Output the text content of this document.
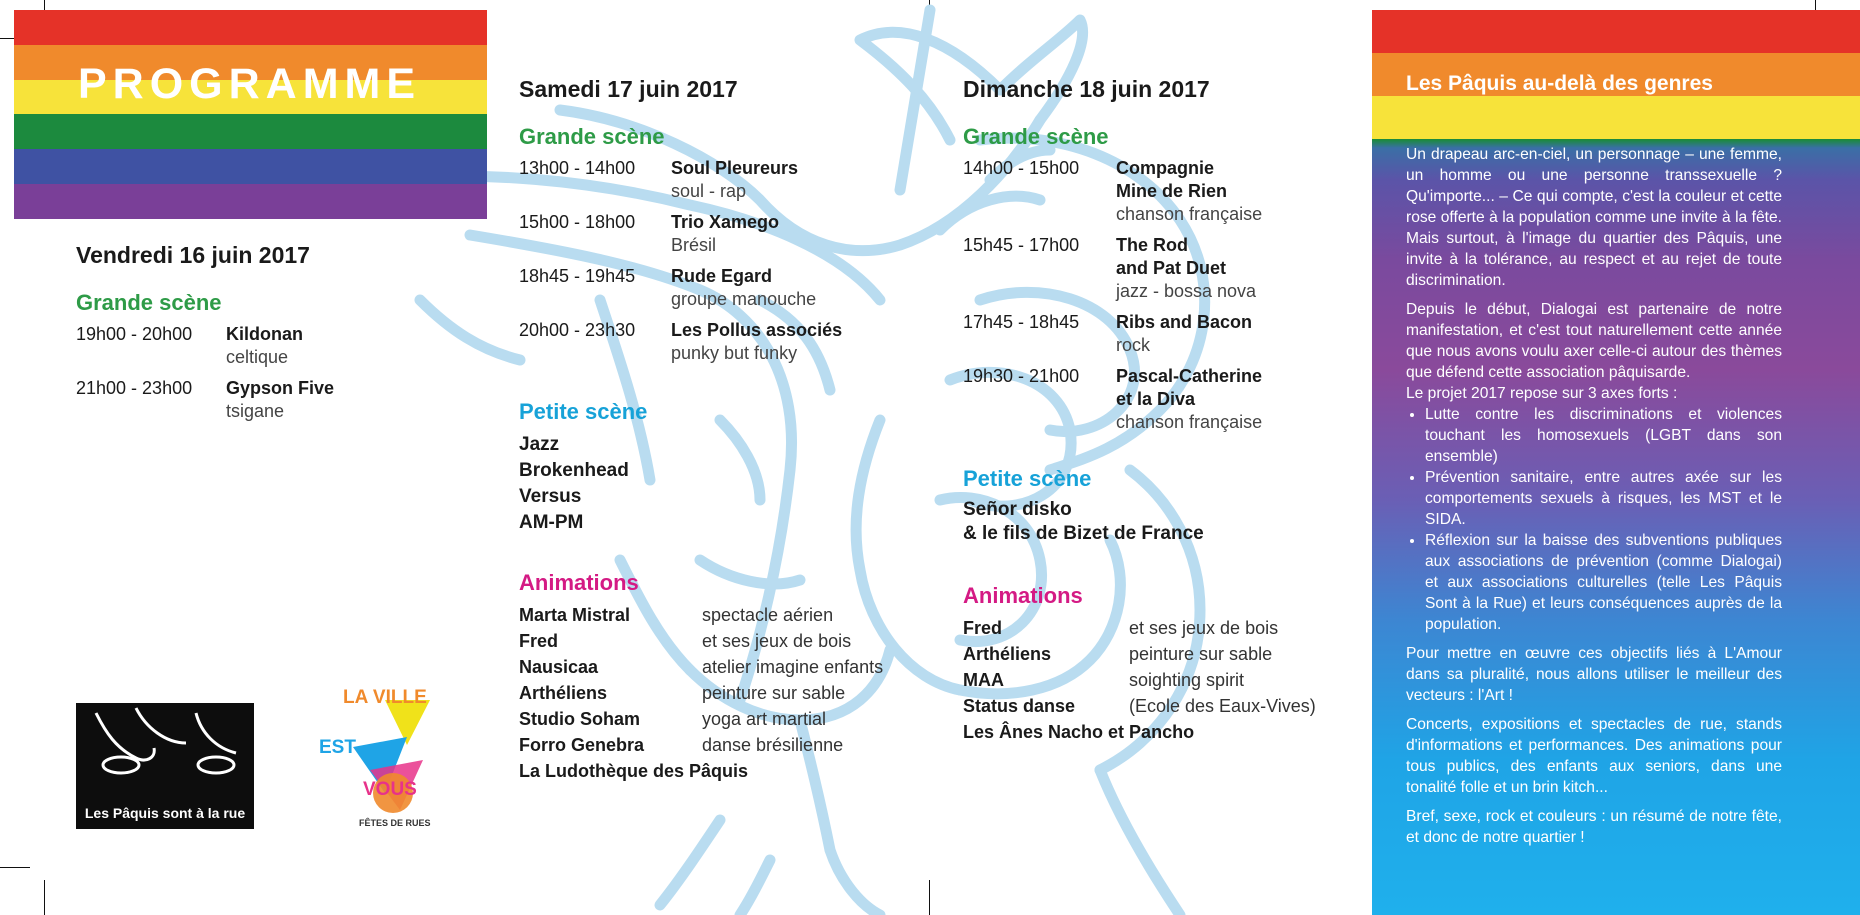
PROGRAMME
Vendredi 16 juin 2017
Grande scène
19h00 - 20h00 Kildonan
celtique
21h00 - 23h00 Gypson Five
tsigane
Les Pâquis sont à la rue
LA VILLE
EST
VOUS
FÊTES DE RUES
Samedi 17 juin 2017
Grande scène
13h00 - 14h00 Soul Pleureurs
soul - rap
15h00 - 18h00 Trio Xamego
Brésil
18h45 - 19h45 Rude Egard
groupe manouche
20h00 - 23h30 Les Pollus associés
punky but funky
Petite scène
Jazz
Brokenhead
Versus
AM-PM
Animations
Marta Mistral	spectacle aérien
Fred	et ses jeux de bois
Nausicaa	atelier imagine enfants
Arthéliens	peinture sur sable
Studio Soham	yoga art martial
Forro Genebra	danse brésilienne
La Ludothèque des Pâquis
Dimanche 18 juin 2017
Grande scène
14h00 - 15h00 Compagnie
Mine de Rien
chanson française
15h45 - 17h00 The Rod
and Pat Duet
jazz - bossa nova
17h45 - 18h45 Ribs and Bacon
rock
19h30 - 21h00 Pascal-Catherine
et la Diva
chanson française
Petite scène
Señor disko
& le fils de Bizet de France
Animations
Fred	et ses jeux de bois
Arthéliens	peinture sur sable
MAA	soighting spirit
Status danse	(Ecole des Eaux-Vives)
Les Ânes Nacho et Pancho
Les Pâquis au-delà des genres

Un drapeau arc-en-ciel, un personnage – une femme, un homme ou une personne transsexuelle ? Qu'importe... – Ce qui compte, c'est la couleur et cette rose offerte à la population comme une invite à la fête. Mais surtout, à l'image du quartier des Pâquis, une invite à la tolérance, au respect et au rejet de toute discrimination.

Depuis le début, Dialogai est partenaire de notre manifestation, et c'est tout naturellement cette année que nous avons voulu axer celle-ci autour des thèmes que défend cette association pâquisarde.

Le projet 2017 repose sur 3 axes forts :

• Lutte contre les discriminations et violences touchant les homosexuels (LGBT dans son ensemble)
• Prévention sanitaire, entre autres axée sur les comportements sexuels à risques, les MST et le SIDA.
• Réflexion sur la baisse des subventions publiques aux associations de prévention (comme Dialogai) et aux associations culturelles (telle Les Pâquis Sont à la Rue) et leurs conséquences auprès de la population.

Pour mettre en œuvre ces objectifs liés à L'Amour dans sa pluralité, nous allons utiliser le meilleur des vecteurs : l'Art !

Concerts, expositions et spectacles de rue, stands d'informations et performances. Des animations pour tous publics, des enfants aux seniors, dans une tonalité folle et un brin kitch...

Bref, sexe, rock et couleurs : un résumé de notre fête, et donc de notre quartier !
